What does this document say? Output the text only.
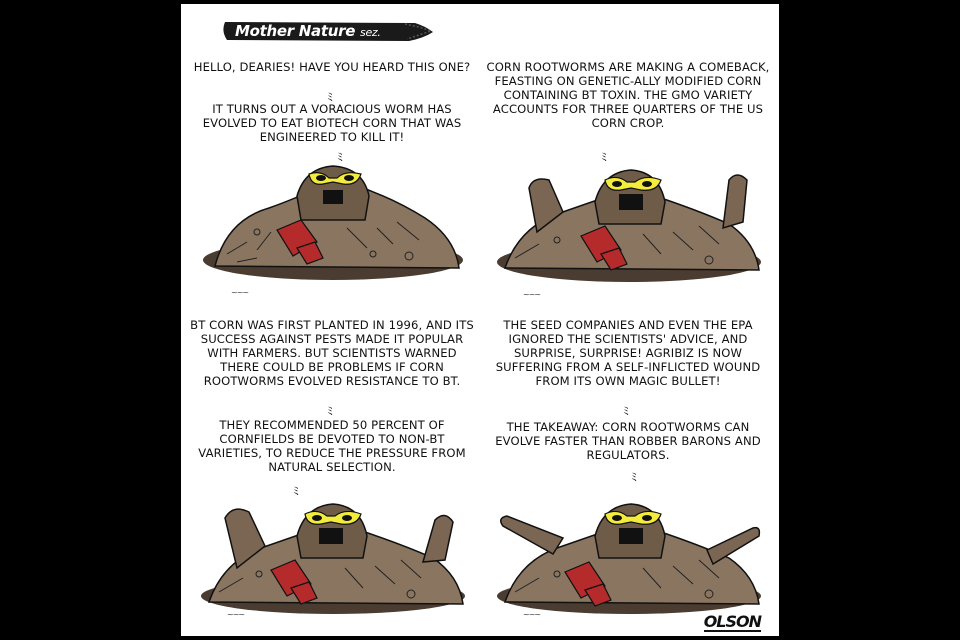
Mother Nature sez.
HELLO, DEARIES! HAVE YOU HEARD THIS ONE?
ﾐ
IT TURNS OUT A VORACIOUS WORM HAS EVOLVED TO EAT BIOTECH CORN THAT WAS ENGINEERED TO KILL IT!
ﾐ
~~~
CORN ROOTWORMS ARE MAKING A COMEBACK, FEASTING ON GENETIC-ALLY MODIFIED CORN CONTAINING BT TOXIN. THE GMO VARIETY ACCOUNTS FOR THREE QUARTERS OF THE US CORN CROP.
ﾐ
~~~
BT CORN WAS FIRST PLANTED IN 1996, AND ITS SUCCESS AGAINST PESTS MADE IT POPULAR WITH FARMERS. BUT SCIENTISTS WARNED THERE COULD BE PROBLEMS IF CORN ROOTWORMS EVOLVED RESISTANCE TO BT.
ﾐ
THEY RECOMMENDED 50 PERCENT OF CORNFIELDS BE DEVOTED TO NON-BT VARIETIES, TO REDUCE THE PRESSURE FROM NATURAL SELECTION.
ﾐ
~~~
THE SEED COMPANIES AND EVEN THE EPA IGNORED THE SCIENTISTS' ADVICE, AND SURPRISE, SURPRISE! AGRIBIZ IS NOW SUFFERING FROM A SELF-INFLICTED WOUND FROM ITS OWN MAGIC BULLET!
ﾐ
THE TAKEAWAY: CORN ROOTWORMS CAN EVOLVE FASTER THAN ROBBER BARONS AND REGULATORS.
ﾐ
~~~	OLSON
